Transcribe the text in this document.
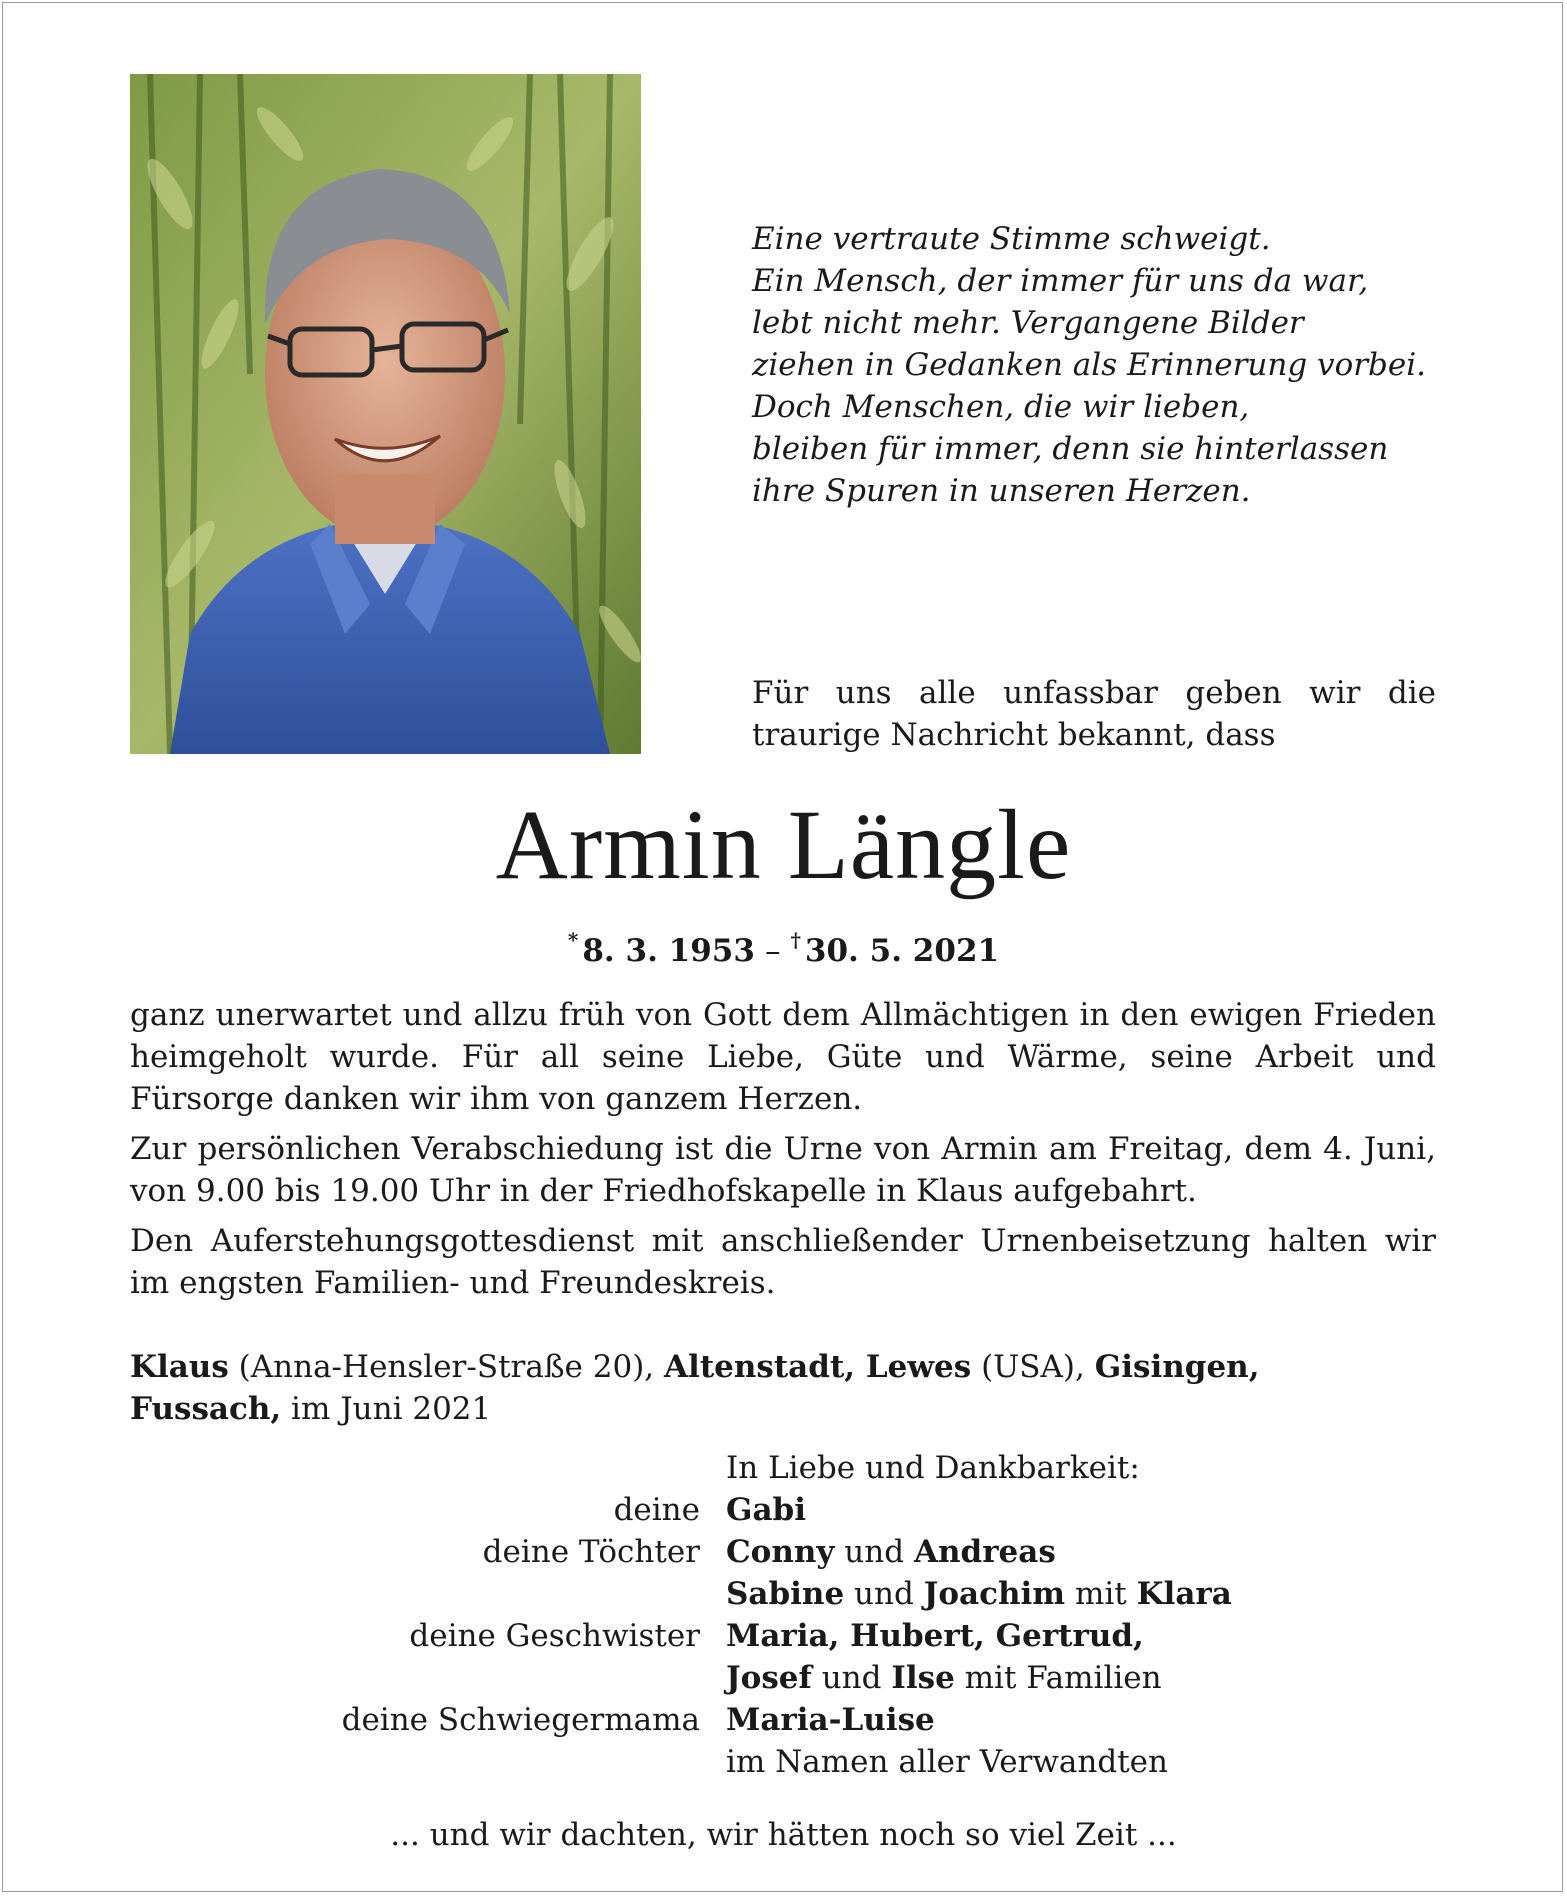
Eine vertraute Stimme schweigt.
Ein Mensch, der immer für uns da war,
lebt nicht mehr. Vergangene Bilder
ziehen in Gedanken als Erinnerung vorbei.
Doch Menschen, die wir lieben,
bleiben für immer, denn sie hinterlassen
ihre Spuren in unseren Herzen.
Für uns alle unfassbar geben wir die
traurige Nachricht bekannt, dass
Armin Längle
* 8. 3. 1953 – † 30. 5. 2021

ganz unerwartet und allzu früh von Gott dem Allmächtigen in den ewigen Frieden heimgeholt wurde. Für all seine Liebe, Güte und Wärme, seine Arbeit und Fürsorge danken wir ihm von ganzem Herzen.

Zur persönlichen Verabschiedung ist die Urne von Armin am Freitag, dem 4. Juni, von 9.00 bis 19.00 Uhr in der Friedhofskapelle in Klaus aufgebahrt.

Den Auferstehungsgottesdienst mit anschließender Urnenbeisetzung halten wir im engsten Familien- und Freundeskreis.

Klaus (Anna-Hensler-Straße 20), Altenstadt, Lewes (USA), Gisingen,
Fussach, im Juni 2021
In Liebe und Dankbarkeit:
deine Gabi
deine Töchter Conny und Andreas
Sabine und Joachim mit Klara
deine Geschwister Maria, Hubert, Gertrud,
Josef und Ilse mit Familien
deine Schwiegermama Maria-Luise
im Namen aller Verwandten
... und wir dachten, wir hätten noch so viel Zeit ...
